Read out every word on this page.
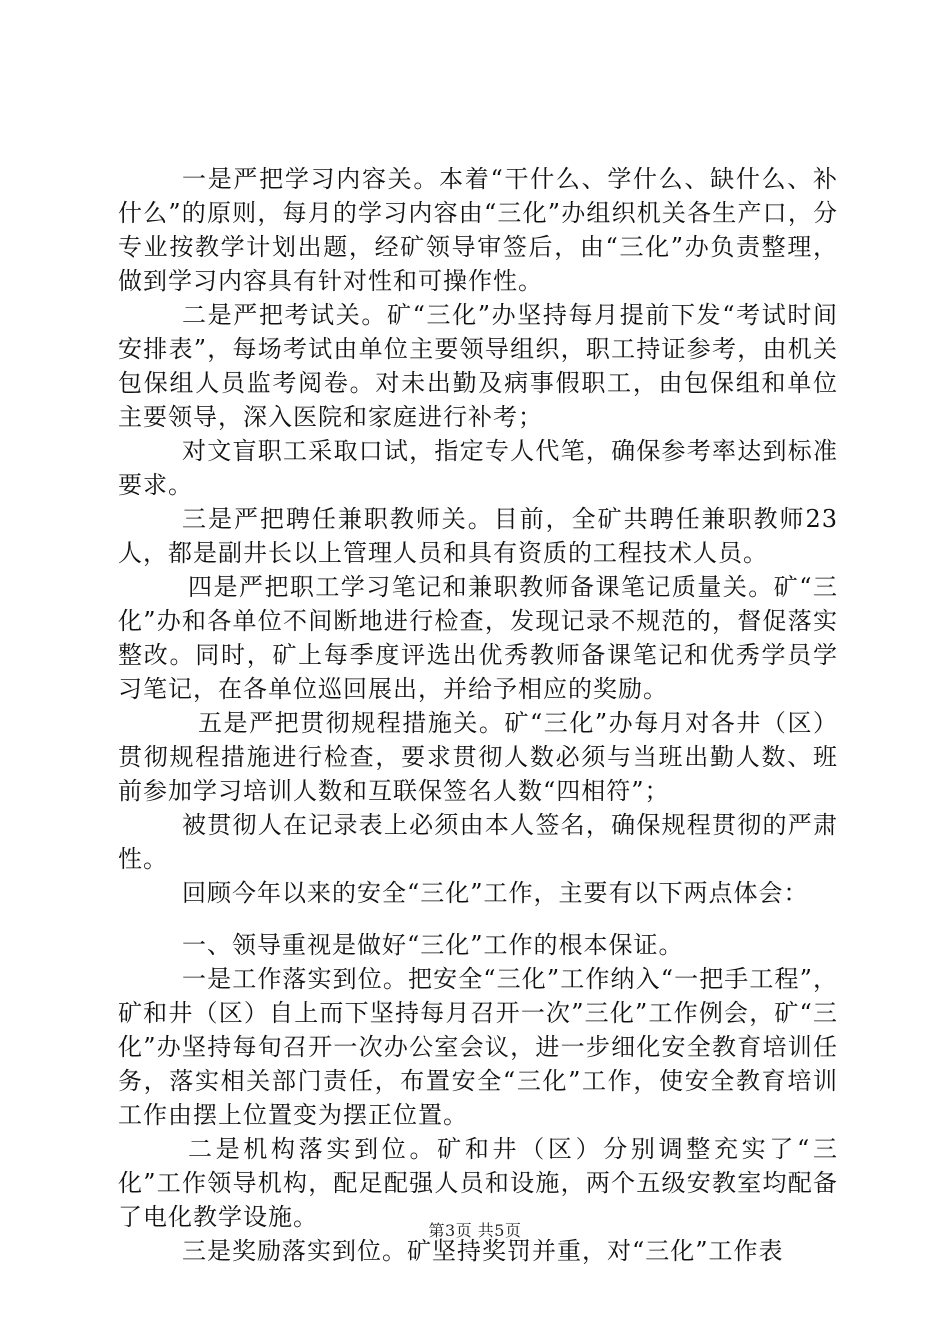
一是严把学习内容关。本着“干什么、学什么、缺什么、补什么”的原则，每月的学习内容由“三化”办组织机关各生产口，分专业按教学计划出题，经矿领导审签后，由“三化”办负责整理，做到学习内容具有针对性和可操作性。

二是严把考试关。矿“三化”办坚持每月提前下发“考试时间安排表”，每场考试由单位主要领导组织，职工持证参考，由机关包保组人员监考阅卷。对未出勤及病事假职工，由包保组和单位主要领导，深入医院和家庭进行补考；

对文盲职工采取口试，指定专人代笔，确保参考率达到标准要求。

三是严把聘任兼职教师关。目前，全矿共聘任兼职教师23人，都是副井长以上管理人员和具有资质的工程技术人员。

四是严把职工学习笔记和兼职教师备课笔记质量关。矿“三化”办和各单位不间断地进行检查，发现记录不规范的，督促落实整改。同时，矿上每季度评选出优秀教师备课笔记和优秀学员学习笔记，在各单位巡回展出，并给予相应的奖励。

五是严把贯彻规程措施关。矿“三化”办每月对各井（区）贯彻规程措施进行检查，要求贯彻人数必须与当班出勤人数、班前参加学习培训人数和互联保签名人数“四相符”；

被贯彻人在记录表上必须由本人签名，确保规程贯彻的严肃性。

回顾今年以来的安全“三化”工作，主要有以下两点体会：

一、领导重视是做好“三化”工作的根本保证。

一是工作落实到位。把安全“三化”工作纳入“一把手工程”，矿和井（区）自上而下坚持每月召开一次”三化”工作例会，矿“三化”办坚持每旬召开一次办公室会议，进一步细化安全教育培训任务，落实相关部门责任，布置安全“三化”工作，使安全教育培训工作由摆上位置变为摆正位置。

二是机构落实到位。矿和井（区）分别调整充实了“三化”工作领导机构，配足配强人员和设施，两个五级安教室均配备了电化教学设施。

三是奖励落实到位。矿坚持奖罚并重，对“三化”工作表

第3页 共5页
